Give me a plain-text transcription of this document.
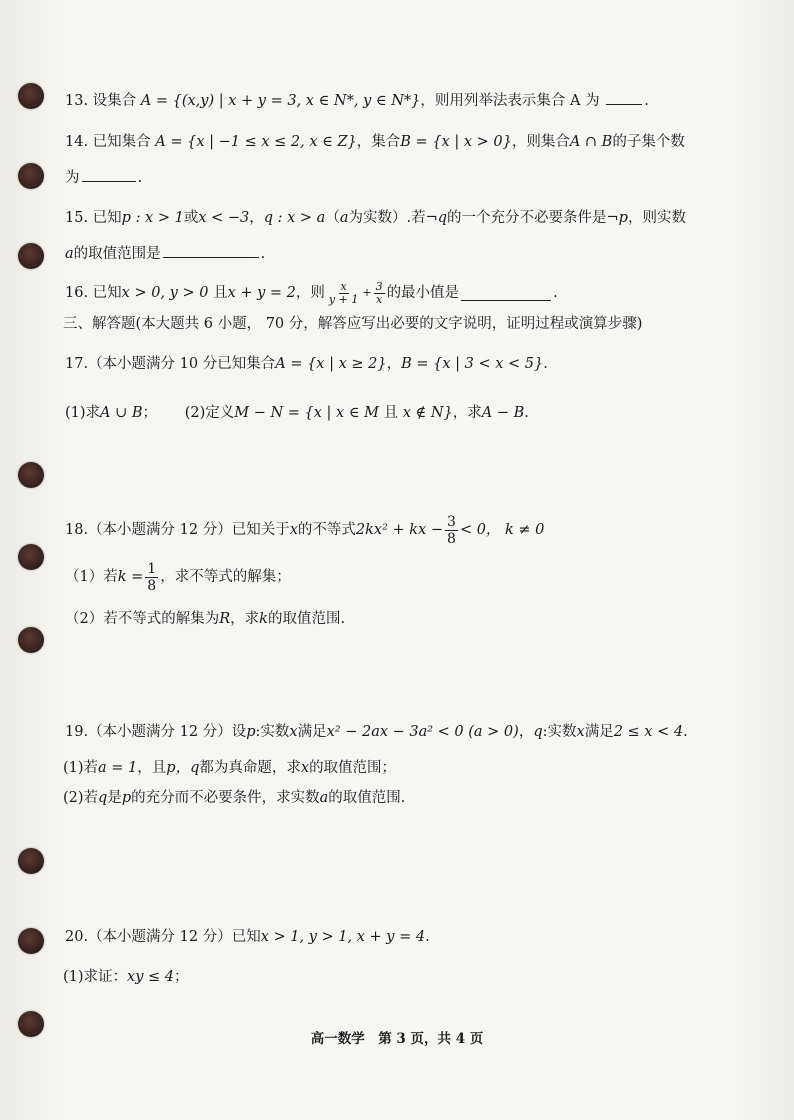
13. 设集合 A = {(x,y) | x + y = 3, x ∈ N*, y ∈ N*}，则用列举法表示集合 A 为	.
14. 已知集合 A = {x | −1 ≤ x ≤ 2, x ∈ Z}，集合B = {x | x > 0}，则集合A ∩ B的子集个数
为	.
15. 已知p : x > 1或x < −3，q : x > a（a为实数）.若¬q的一个充分不必要条件是¬p，则实数
a的取值范围是	.
16.
已知 x > 0, y > 0
且 x + y = 2 ，则 $\frac{x}{y + 1} + \frac{3}{x}$ 的最小值是	.
三、解答题(本大题共 6 小题， 70 分，解答应写出必要的文字说明，证明过程或演算步骤)
17.（本小题满分 10 分已知集合A = {x | x ≥ 2}，B = {x | 3 < x < 5}.
(1)求A ∪ B； (2)定义M − N = {x | x ∈ M 且 x ∉ N}，求A − B.
18. （本小题满分 12 分）已知关于 x 的不等式 2kx² + kx − $\frac{3}{8} < 0$，
k ≠ 0
（1）若 $k = \frac{1}{8}$ ，求不等式的解集；
（2）若不等式的解集为R，求k的取值范围.
19.（本小题满分 12 分）设p:实数x满足x² − 2ax − 3a² < 0 (a > 0)，q:实数x满足2 ≤ x < 4.
(1)若a = 1，且p，q都为真命题，求x的取值范围；
(2)若q是p的充分而不必要条件，求实数a的取值范围.
20.（本小题满分 12 分）已知x > 1, y > 1, x + y = 4.
(1)求证：xy ≤ 4；
高一数学　第 3 页，共 4 页
